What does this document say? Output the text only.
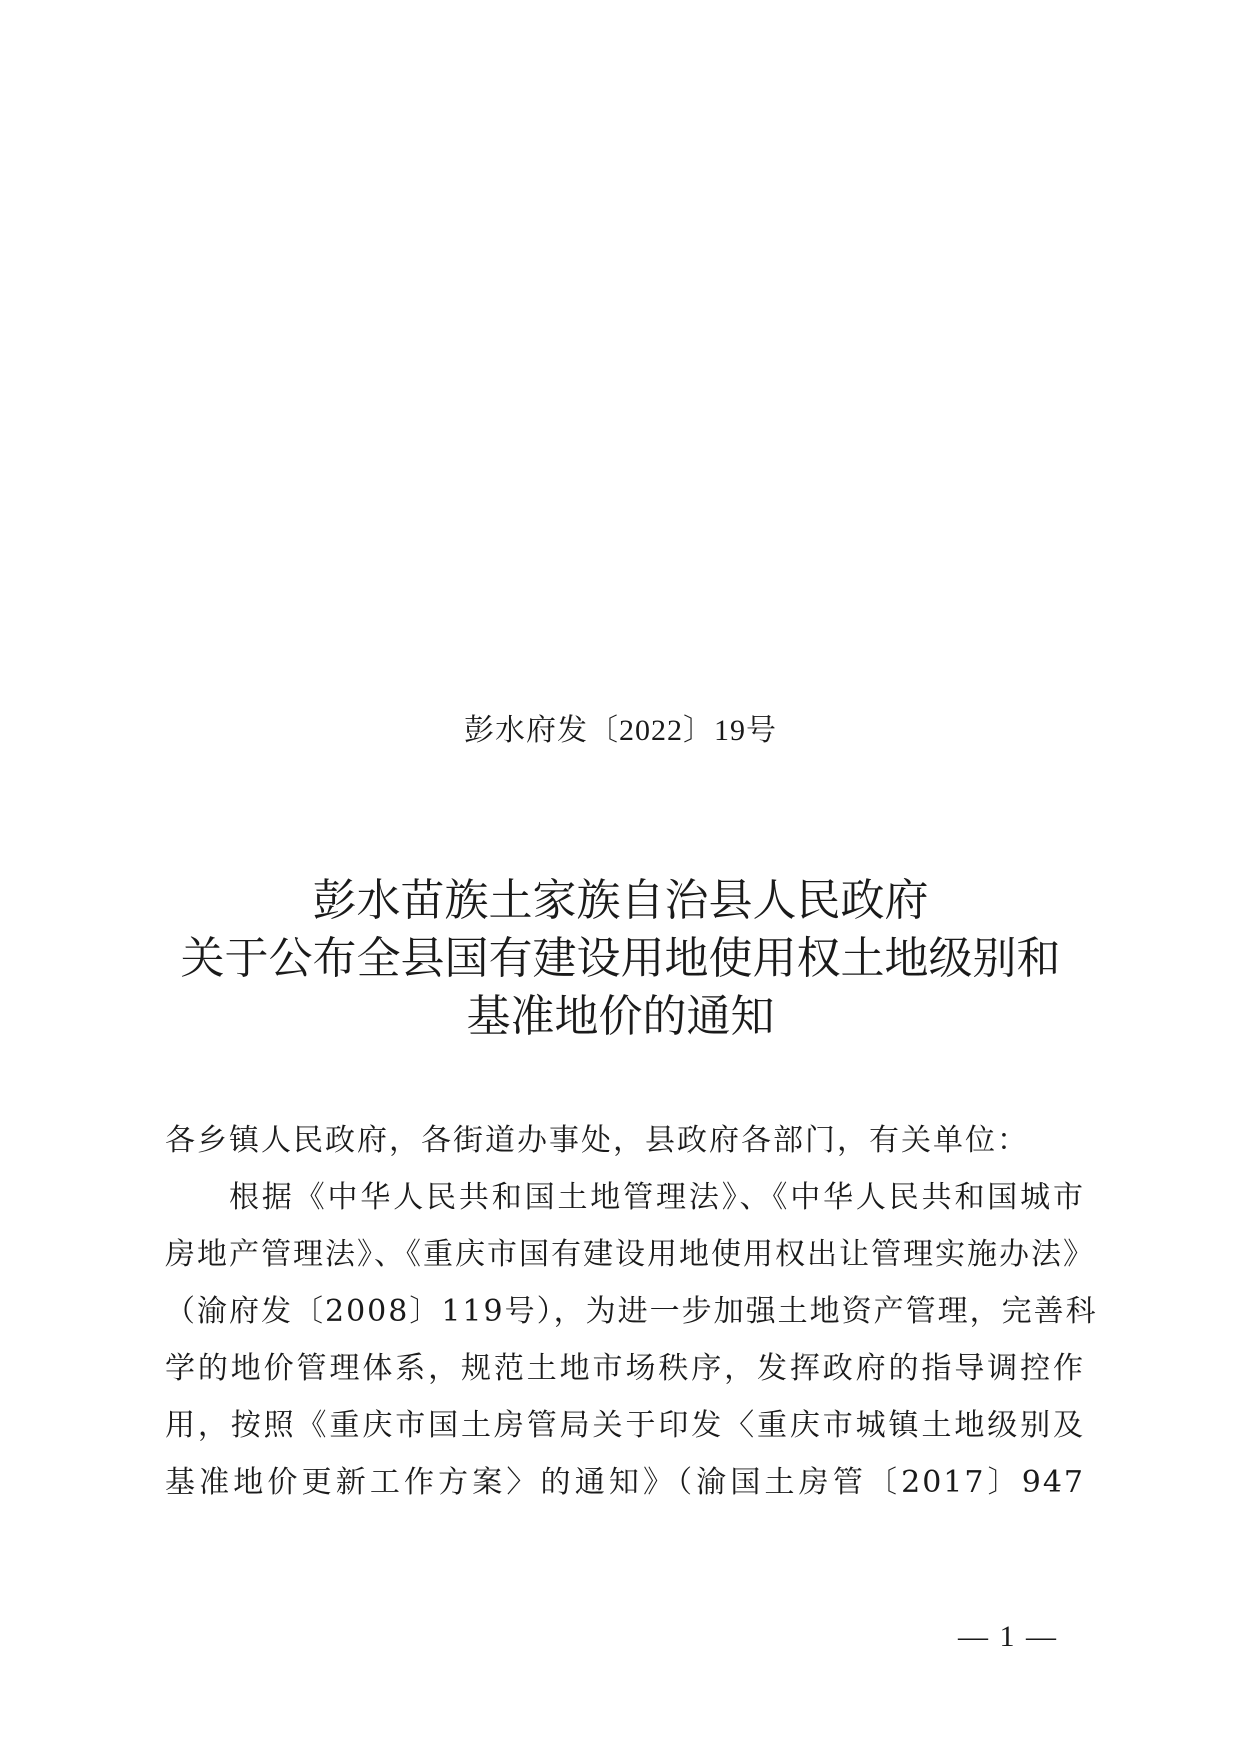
彭水府发〔2022〕19号
彭水苗族土家族自治县人民政府
关于公布全县国有建设用地使用权土地级别和
基准地价的通知
各乡镇人民政府，各街道办事处，县政府各部门，有关单位：
根据《中华人民共和国土地管理法》、《中华人民共和国城市
房地产管理法》、《重庆市国有建设用地使用权出让管理实施办法》
（渝府发〔2008〕119号），为进一步加强土地资产管理，完善科
学的地价管理体系，规范土地市场秩序，发挥政府的指导调控作
用，按照《重庆市国土房管局关于印发〈重庆市城镇土地级别及
基准地价更新工作方案〉的通知》（渝国土房管〔2017〕947
— 1 —
